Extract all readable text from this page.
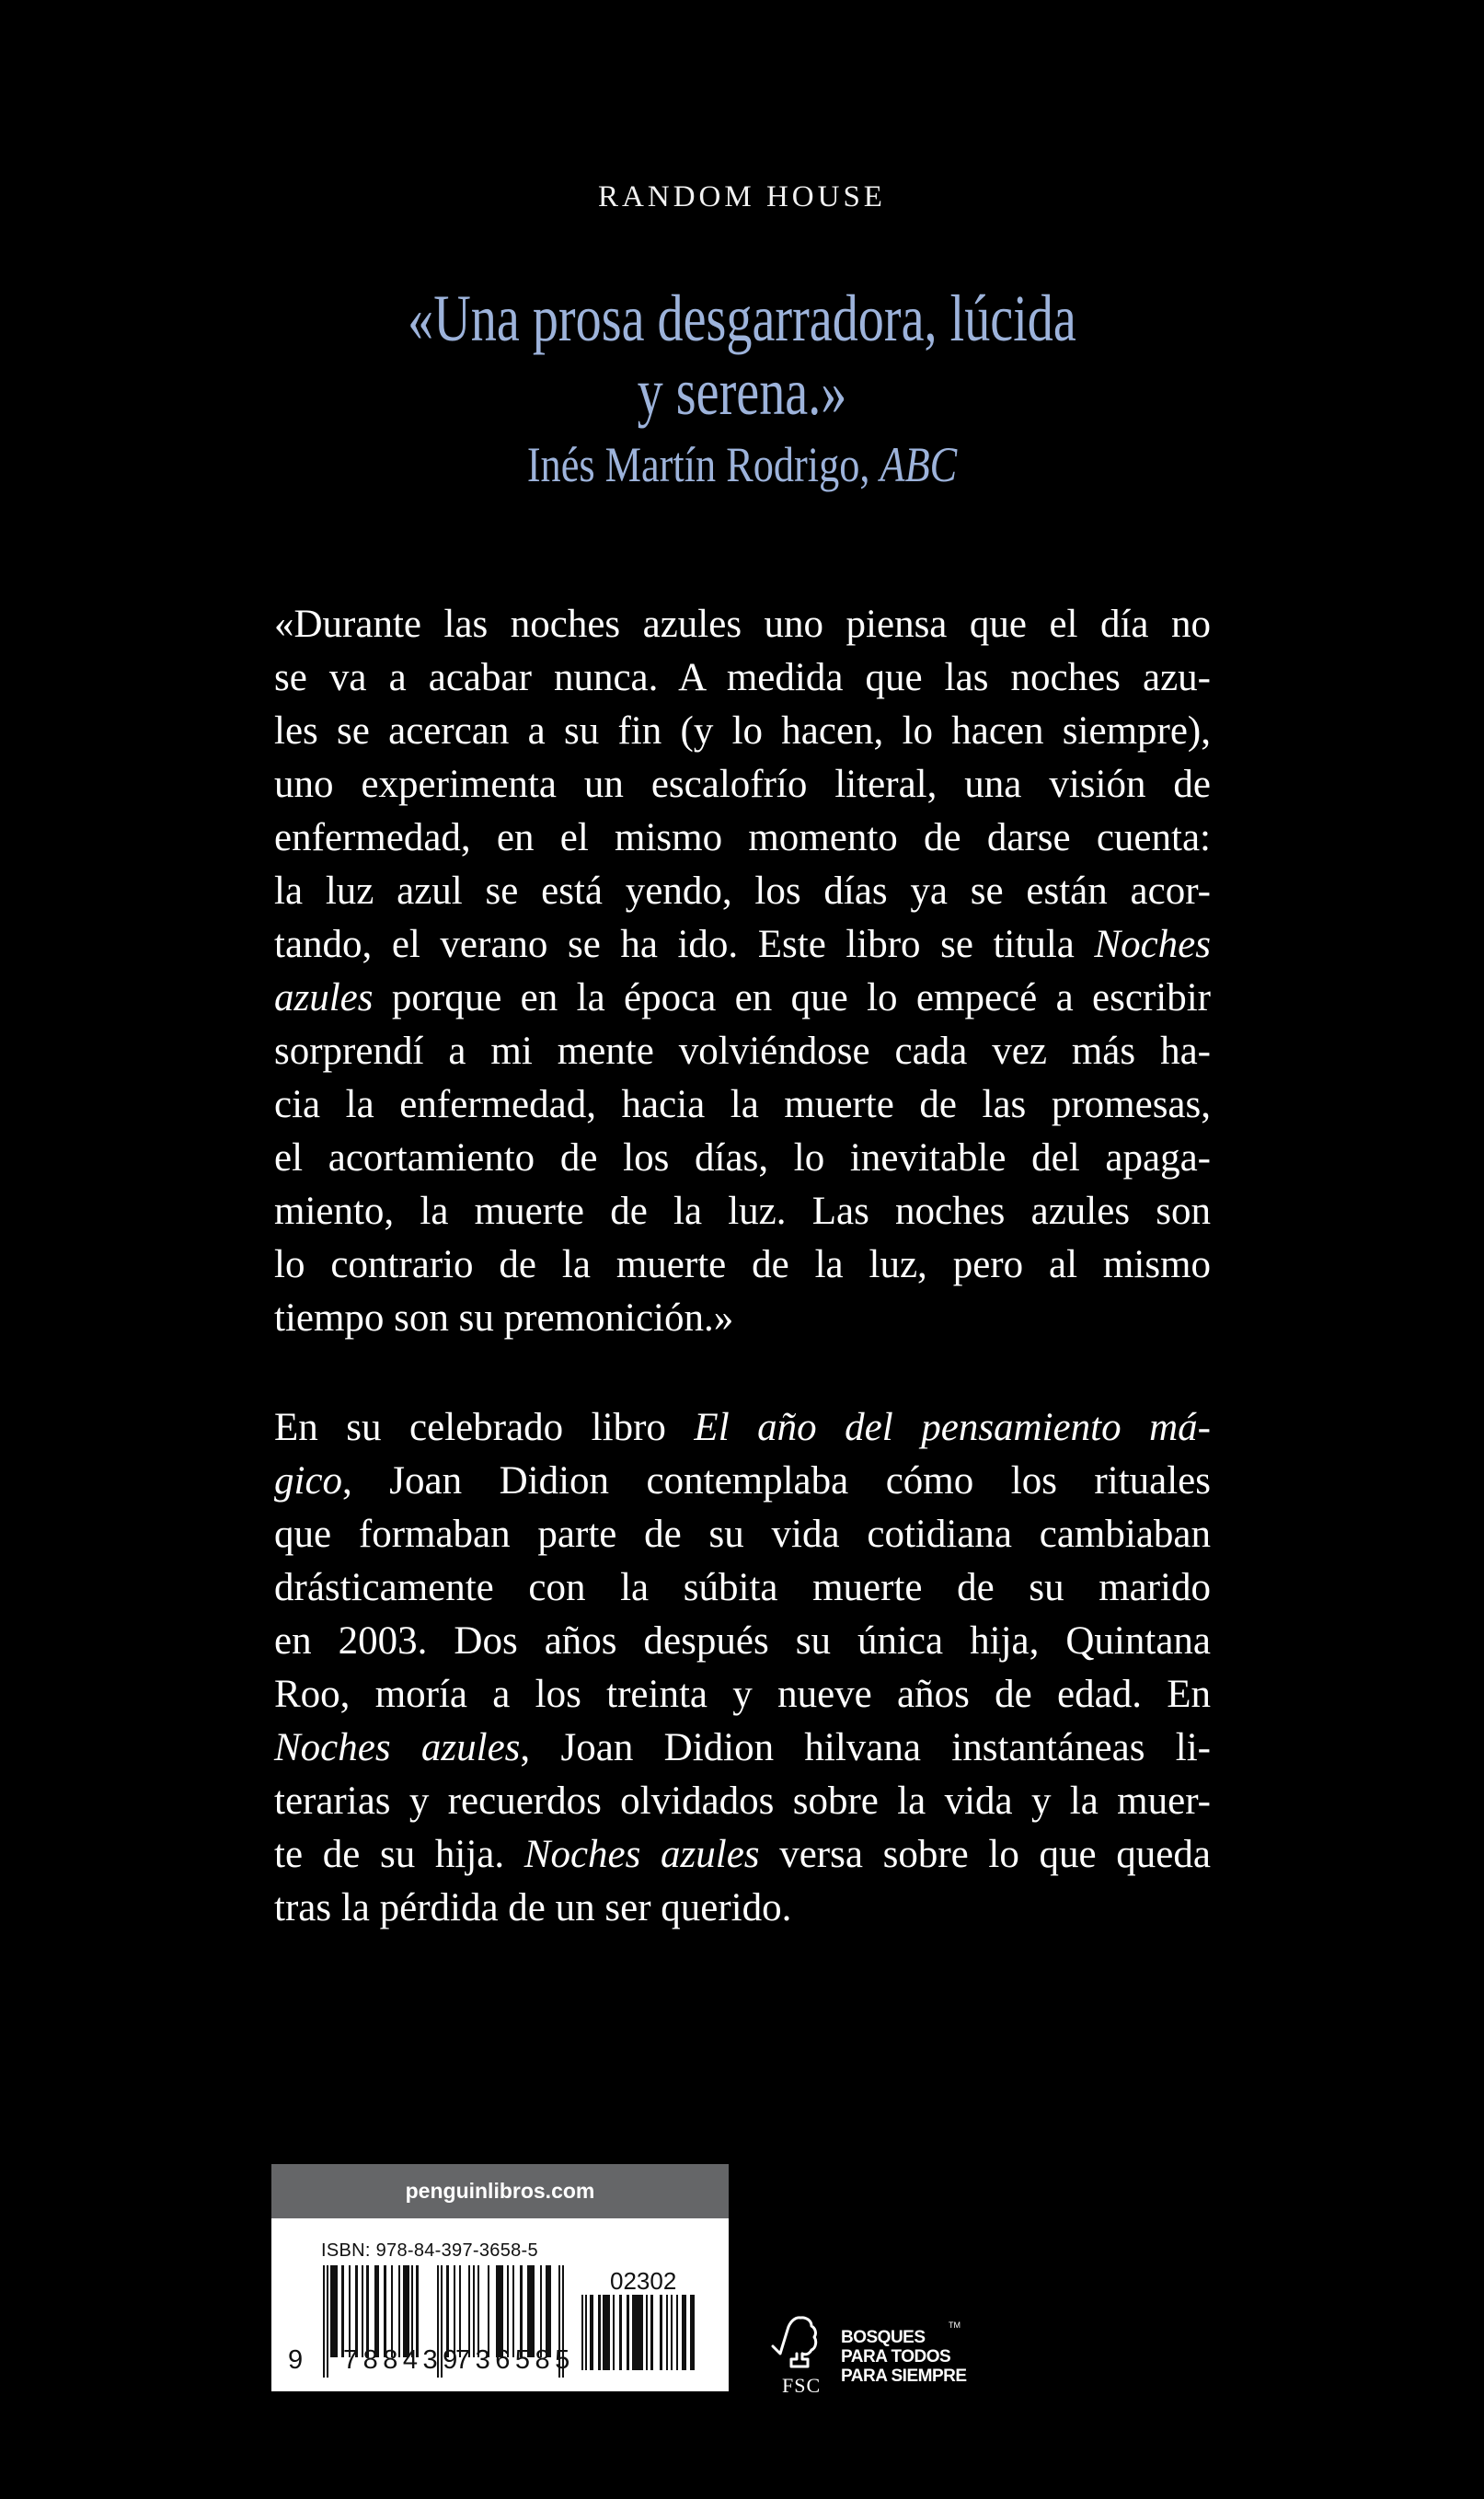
RANDOM HOUSE
«Una prosa desgarradora, lúcida
y serena.»
Inés Martín Rodrigo, ABC
«Durante las noches azules uno piensa que el día no
se va a acabar nunca. A medida que las noches azu-
les se acercan a su fin (y lo hacen, lo hacen siempre),
uno experimenta un escalofrío literal, una visión de
enfermedad, en el mismo momento de darse cuenta:
la luz azul se está yendo, los días ya se están acor-
tando, el verano se ha ido. Este libro se titula Noches
azules porque en la época en que lo empecé a escribir
sorprendí a mi mente volviéndose cada vez más ha-
cia la enfermedad, hacia la muerte de las promesas,
el acortamiento de los días, lo inevitable del apaga-
miento, la muerte de la luz. Las noches azules son
lo contrario de la muerte de la luz, pero al mismo
tiempo son su premonición.»
En su celebrado libro El año del pensamiento má-
gico, Joan Didion contemplaba cómo los rituales
que formaban parte de su vida cotidiana cambiaban
drásticamente con la súbita muerte de su marido
en 2003. Dos años después su única hija, Quintana
Roo, moría a los treinta y nueve años de edad. En
Noches azules, Joan Didion hilvana instantáneas li-
terarias y recuerdos olvidados sobre la vida y la muer-
te de su hija. Noches azules versa sobre lo que queda
tras la pérdida de un ser querido.
penguinlibros.com
ISBN: 978-84-397-3658-5
9 788439
736585
02302
FSC
TM
BOSQUES
PARA TODOS
PARA SIEMPRE
